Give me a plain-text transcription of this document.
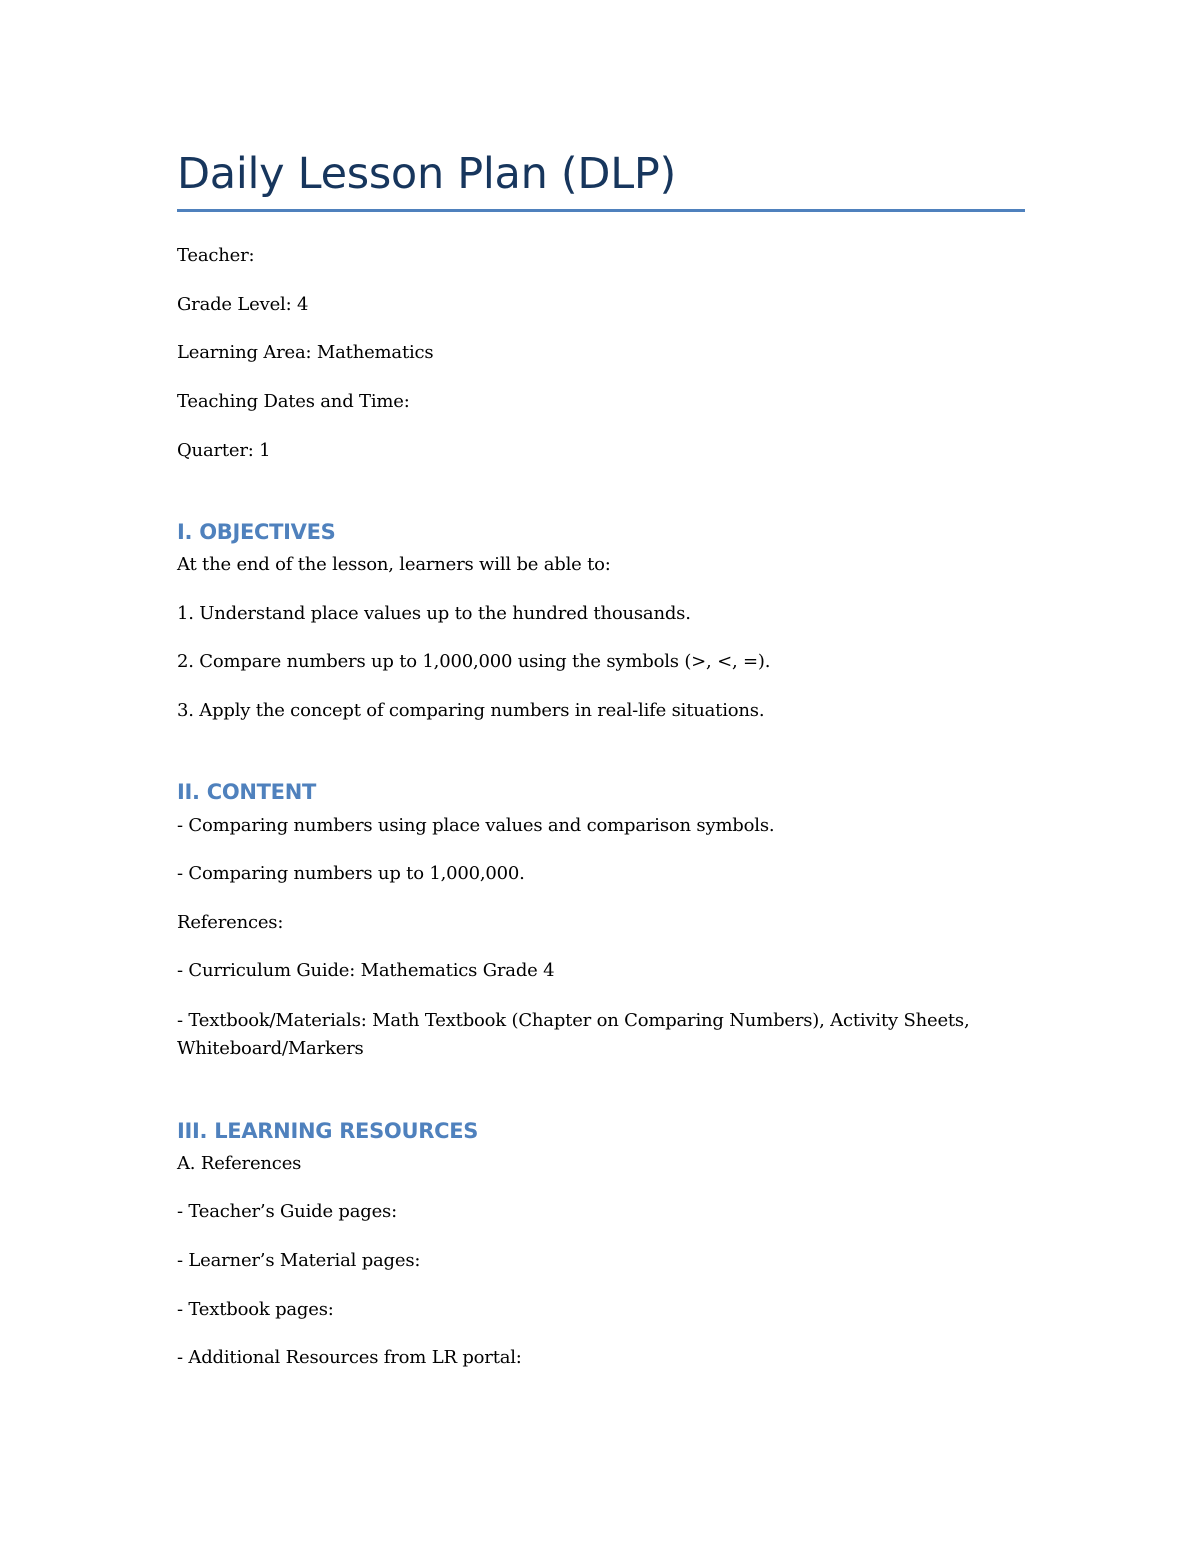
Daily Lesson Plan (DLP)

Teacher:

Grade Level: 4

Learning Area: Mathematics

Teaching Dates and Time:

Quarter: 1

I. OBJECTIVES

At the end of the lesson, learners will be able to:

1. Understand place values up to the hundred thousands.

2. Compare numbers up to 1,000,000 using the symbols (>, <, =).

3. Apply the concept of comparing numbers in real-life situations.

II. CONTENT

- Comparing numbers using place values and comparison symbols.

- Comparing numbers up to 1,000,000.

References:

- Curriculum Guide: Mathematics Grade 4

- Textbook/Materials: Math Textbook (Chapter on Comparing Numbers), Activity Sheets, Whiteboard/Markers

III. LEARNING RESOURCES

A. References

- Teacher’s Guide pages:

- Learner’s Material pages:

- Textbook pages:

- Additional Resources from LR portal:
